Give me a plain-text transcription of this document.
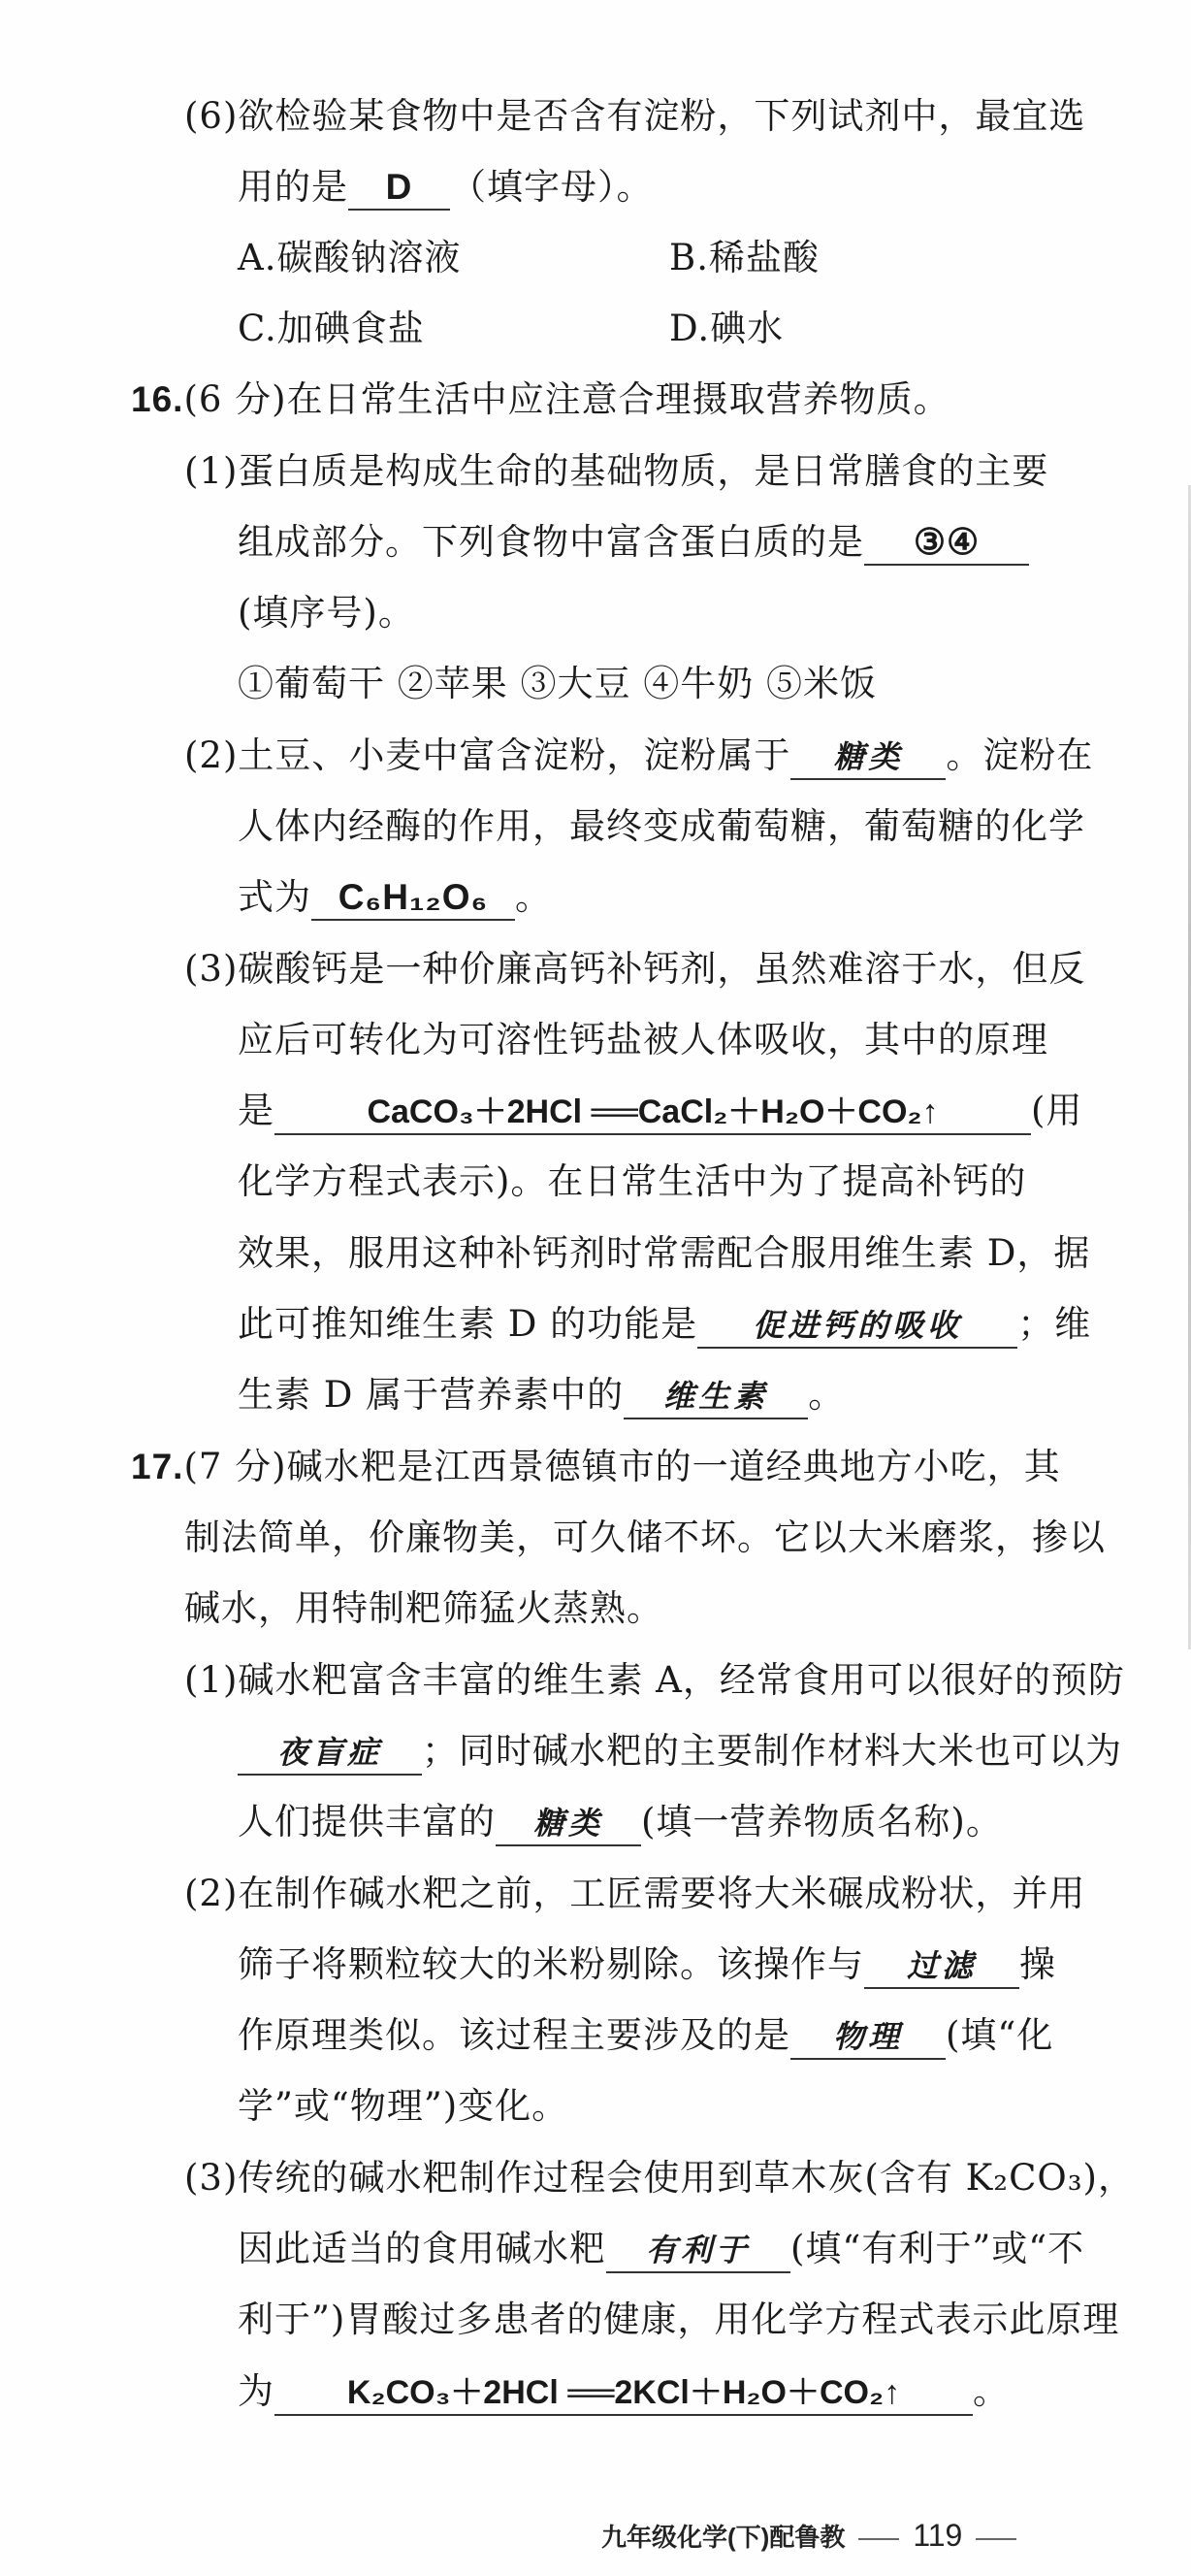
(6)欲检验某食物中是否含有淀粉，下列试剂中，最宜选
用的是 D （填字母）。
A.碳酸钠溶液	B.稀盐酸
C.加碘食盐	D.碘水
16.(6 分)在日常生活中应注意合理摄取营养物质。
(1)蛋白质是构成生命的基础物质，是日常膳食的主要
组成部分。下列食物中富含蛋白质的是 ③④
(填序号)。
①葡萄干 ②苹果 ③大豆 ④牛奶 ⑤米饭
(2)土豆、小麦中富含淀粉，淀粉属于 糖类 。淀粉在
人体内经酶的作用，最终变成葡萄糖，葡萄糖的化学
式为 C₆H₁₂O₆ 。
(3)碳酸钙是一种价廉高钙补钙剂，虽然难溶于水，但反
应后可转化为可溶性钙盐被人体吸收，其中的原理
是	CaCO₃＋2HCl ══CaCl₂＋H₂O＋CO₂↑	(用
化学方程式表示)。在日常生活中为了提高补钙的
效果，服用这种补钙剂时常需配合服用维生素 D，据
此可推知维生素 D 的功能是 促进钙的吸收 ；维
生素 D 属于营养素中的 维生素 。
17.(7 分)碱水粑是江西景德镇市的一道经典地方小吃，其
制法简单，价廉物美，可久储不坏。它以大米磨浆，掺以
碱水，用特制粑筛猛火蒸熟。
(1)碱水粑富含丰富的维生素 A，经常食用可以很好的预防
夜盲症 ；同时碱水粑的主要制作材料大米也可以为
人们提供丰富的 糖类 (填一营养物质名称)。
(2)在制作碱水粑之前，工匠需要将大米碾成粉状，并用
筛子将颗粒较大的米粉剔除。该操作与 过滤 操
作原理类似。该过程主要涉及的是 物理 (填“化
学”或“物理”)变化。
(3)传统的碱水粑制作过程会使用到草木灰(含有 K₂CO₃)，
因此适当的食用碱水粑 有利于 (填“有利于”或“不
利于”)胃酸过多患者的健康，用化学方程式表示此原理
为 K₂CO₃＋2HCl ══2KCl＋H₂O＋CO₂↑ 。
九年级化学(下)配鲁教 119
